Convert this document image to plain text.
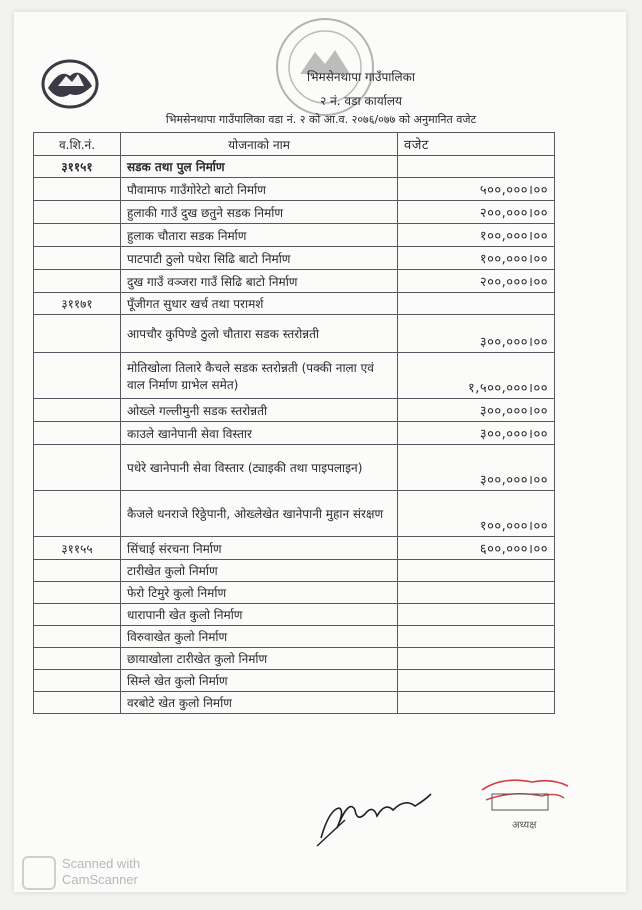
भिमसेनथापा गाउँपालिका
२ नं. वडा कार्यालय
भिमसेनथापा गाउँपालिका वडा नं. २ को आ.व. २०७६/०७७ को अनुमानित वजेट
व.शि.नं.	योजनाको नाम	वजेट
३११५१	सडक तथा पुल निर्माण	
	पौवामाफ गाउँगोरेटो बाटो निर्माण	५००,०००।००
	हुलाकी गाउँ दुख छतुने सडक निर्माण	२००,०००।००
	हुलाक चौतारा सडक निर्माण	१००,०००।००
	पाटपाटी ठुलो पधेरा सिढि बाटो निर्माण	१००,०००।००
	दुख गाउँ वञ्जरा गाउँ सिढि बाटो निर्माण	२००,०००।००
३११७१	पूँजीगत सुधार खर्च तथा परामर्श	
	आपचौर कुपिण्डे ठुलो चौतारा सडक स्तरोन्नती	३००,०००।००
	मोतिखोला तिलारे कैचले सडक स्तरोन्नती (पक्की नाला एवं वाल निर्माण ग्राभेल समेत)	१,५००,०००।००
	ओख्ले गल्लीमुनी सडक स्तरोन्नती	३००,०००।००
	काउले खानेपानी सेवा विस्तार	३००,०००।००
	पधेरे खानेपानी सेवा विस्तार (ट्याइकी तथा पाइपलाइन)	३००,०००।००
	कैजले धनराजे रिठ्ठेपानी, ओख्लेखेत खानेपानी मुहान संरक्षण	१००,०००।००
३११५५	सिंचाई संरचना निर्माण	६००,०००।००
	टारीखेत कुलो निर्माण	
	फेरो टिमुरे कुलो निर्माण	
	धारापानी खेत कुलो निर्माण	
	विरुवाखेत कुलो निर्माण	
	छायाखोला टारीखेत कुलो निर्माण	
	सिम्ले खेत कुलो निर्माण	
	वरबोटे खेत कुलो निर्माण	
अध्यक्ष
Scanned with
CamScanner
